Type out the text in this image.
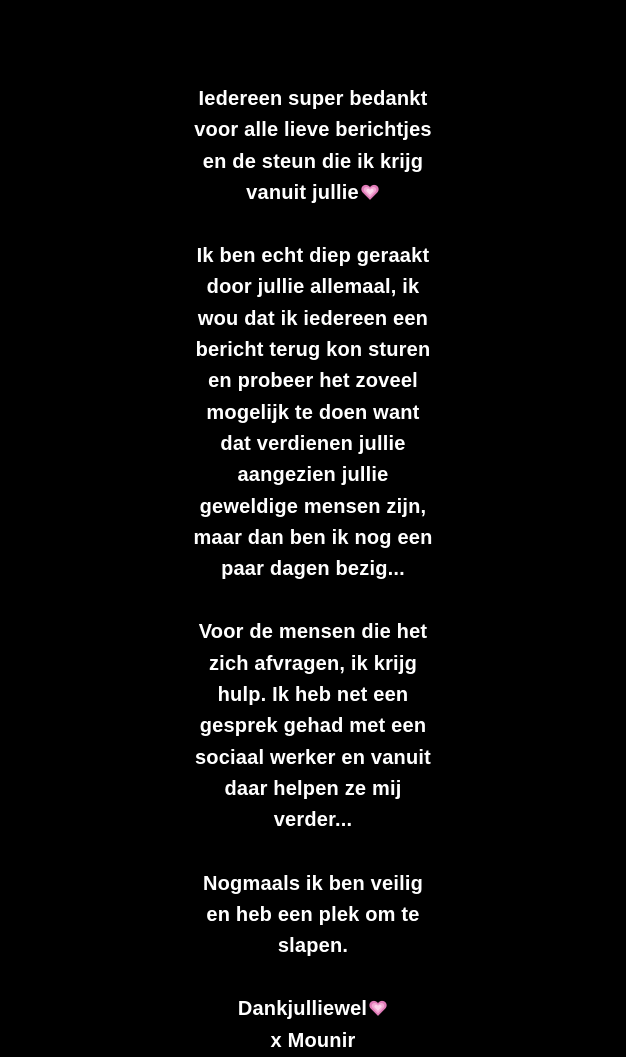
Iedereen super bedankt
voor alle lieve berichtjes
en de steun die ik krijg
vanuit jullie
Ik ben echt diep geraakt
door jullie allemaal, ik
wou dat ik iedereen een
bericht terug kon sturen
en probeer het zoveel
mogelijk te doen want
dat verdienen jullie
aangezien jullie
geweldige mensen zijn,
maar dan ben ik nog een
paar dagen bezig...
Voor de mensen die het
zich afvragen, ik krijg
hulp. Ik heb net een
gesprek gehad met een
sociaal werker en vanuit
daar helpen ze mij
verder...
Nogmaals ik ben veilig
en heb een plek om te
slapen.
Dankjulliewel
x Mounir
